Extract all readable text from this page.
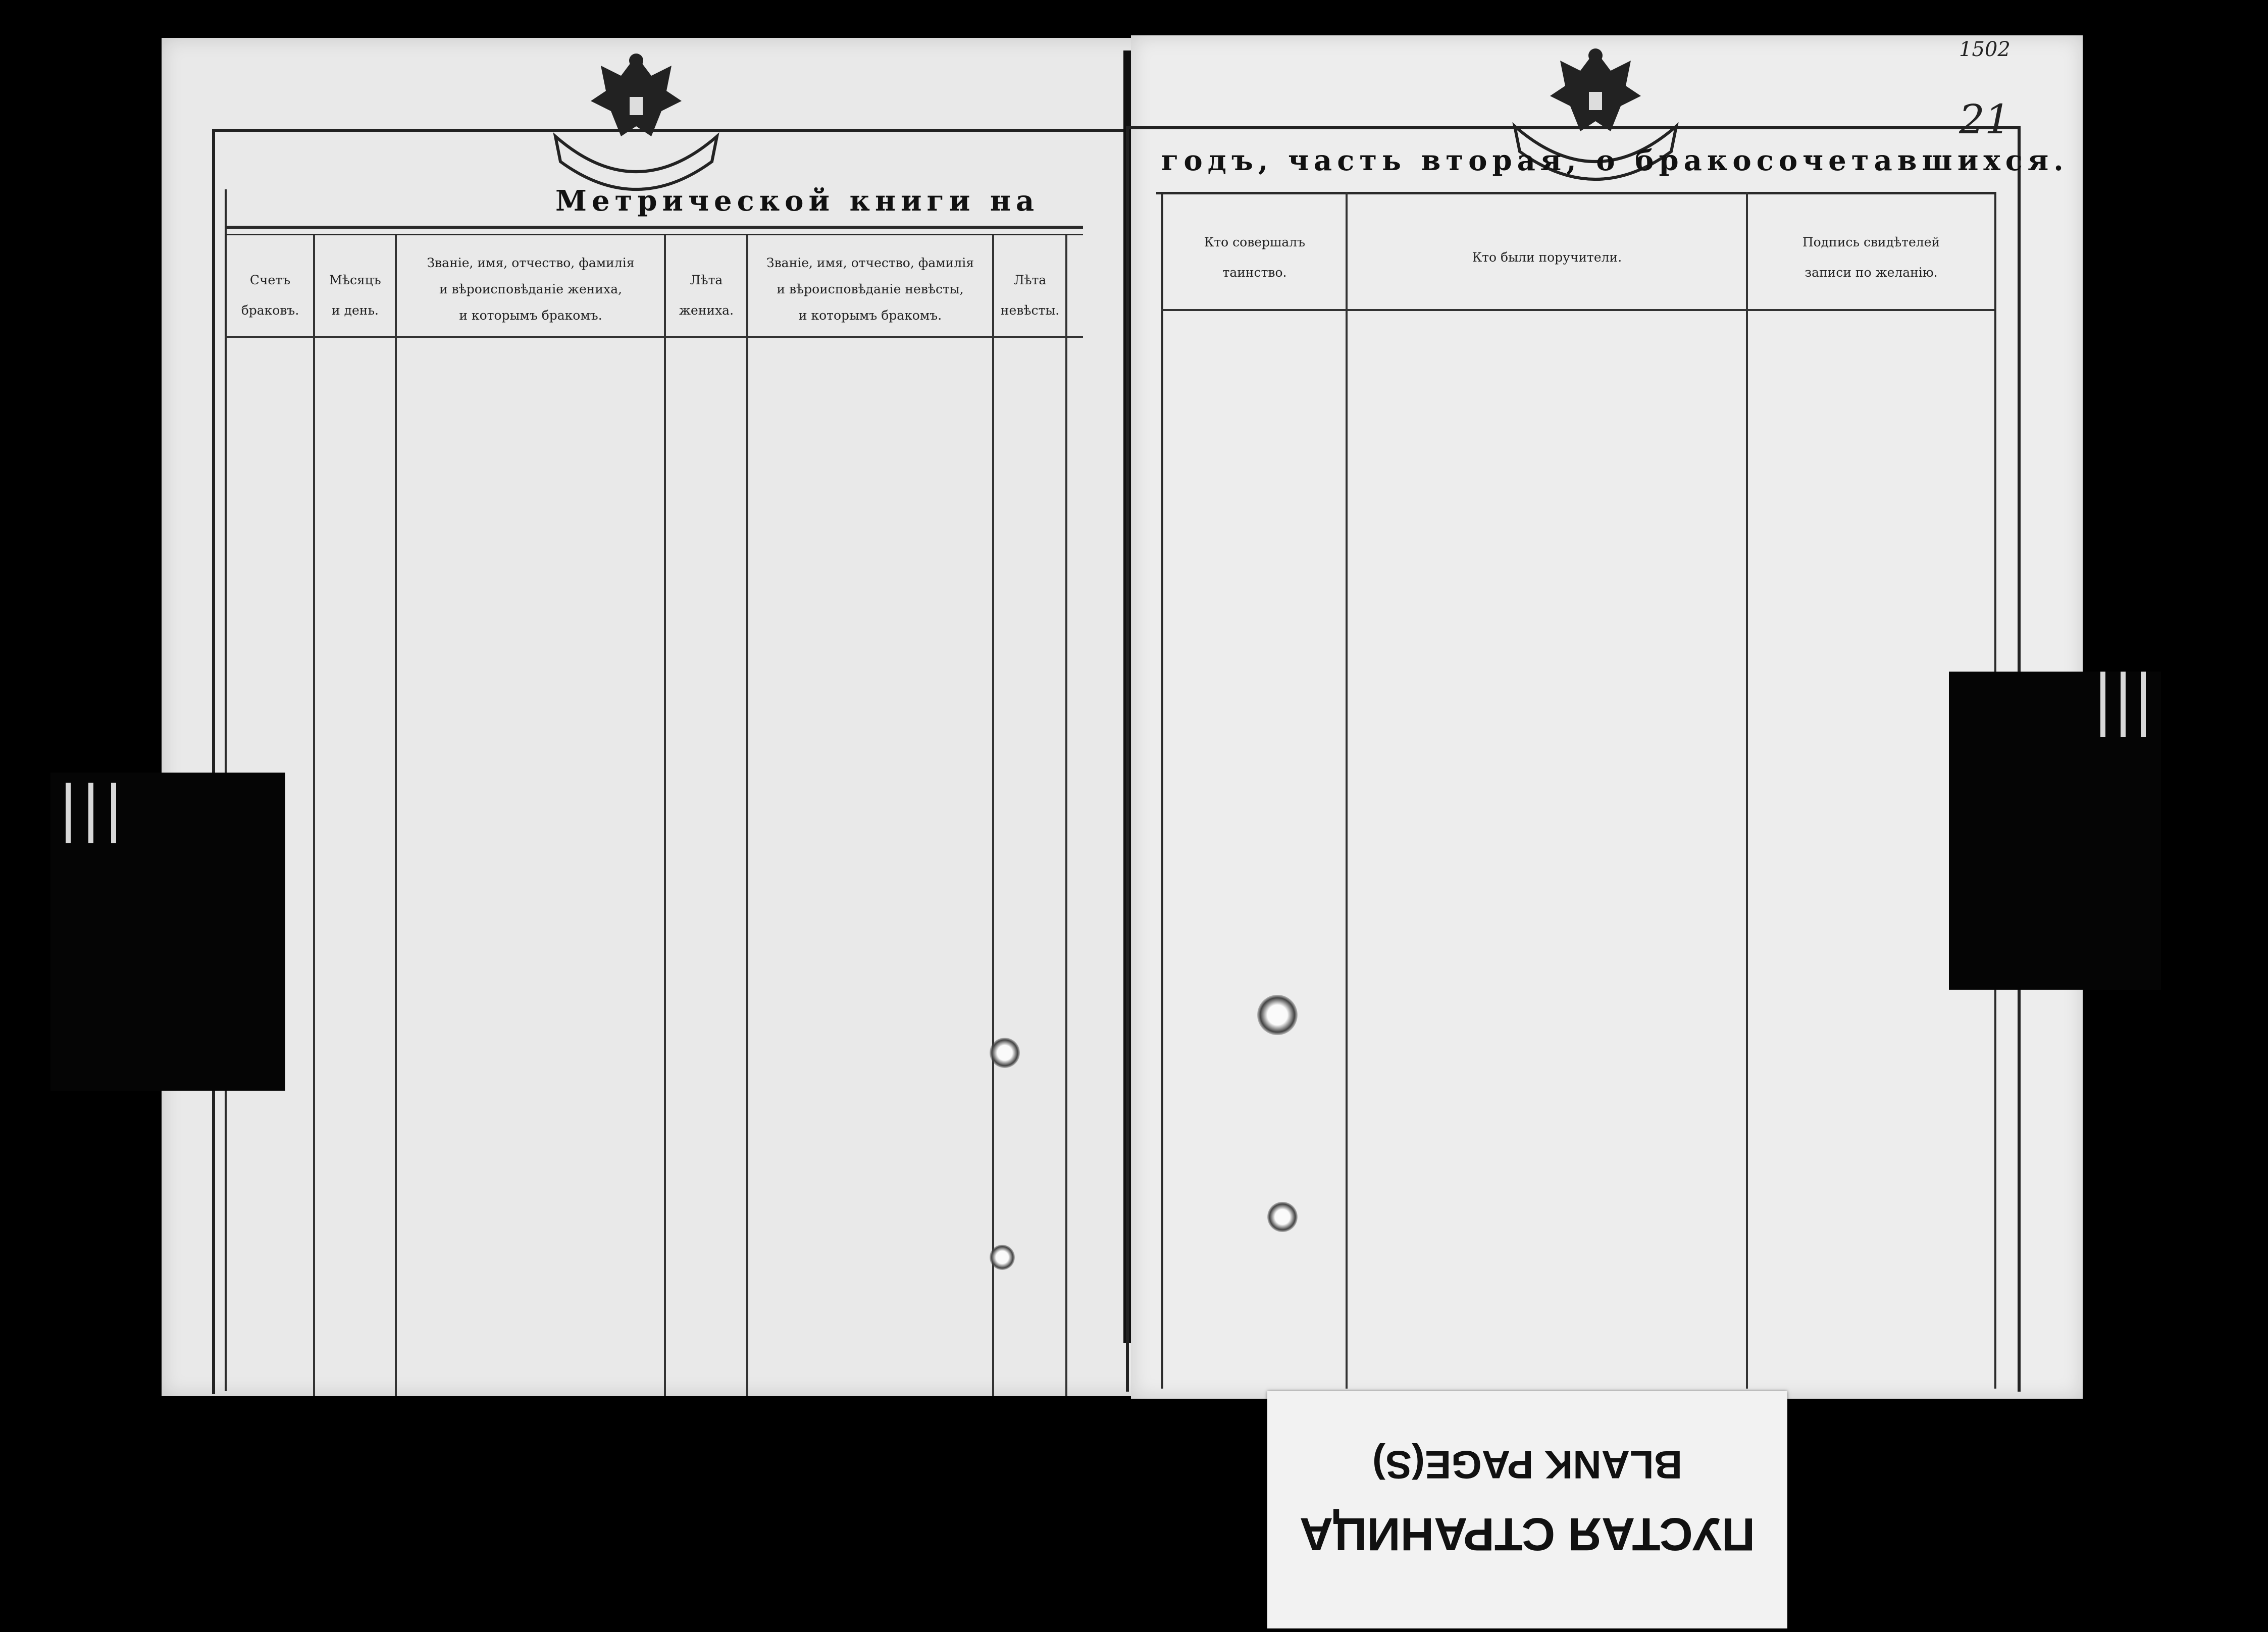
Метрической книги на
Счетъ
браковъ.
Мѣсяцъ
и день.
Званіе, имя, отчество, фамилія
и вѣроисповѣданіе жениха,
и которымъ бракомъ.
Лѣта
жениха.
Званіе, имя, отчество, фамилія
и вѣроисповѣданіе невѣсты,
и которымъ бракомъ.
Лѣта
невѣсты.
1502
21
годъ, часть вторая, о бракосочетавшихся.
Кто совершалъ
таинство.
Кто были поручители.
Подпись свидѣтелей
записи по желанію.
BLANK PAGE(S)
ПУСТАЯ СТРАНИЦА
